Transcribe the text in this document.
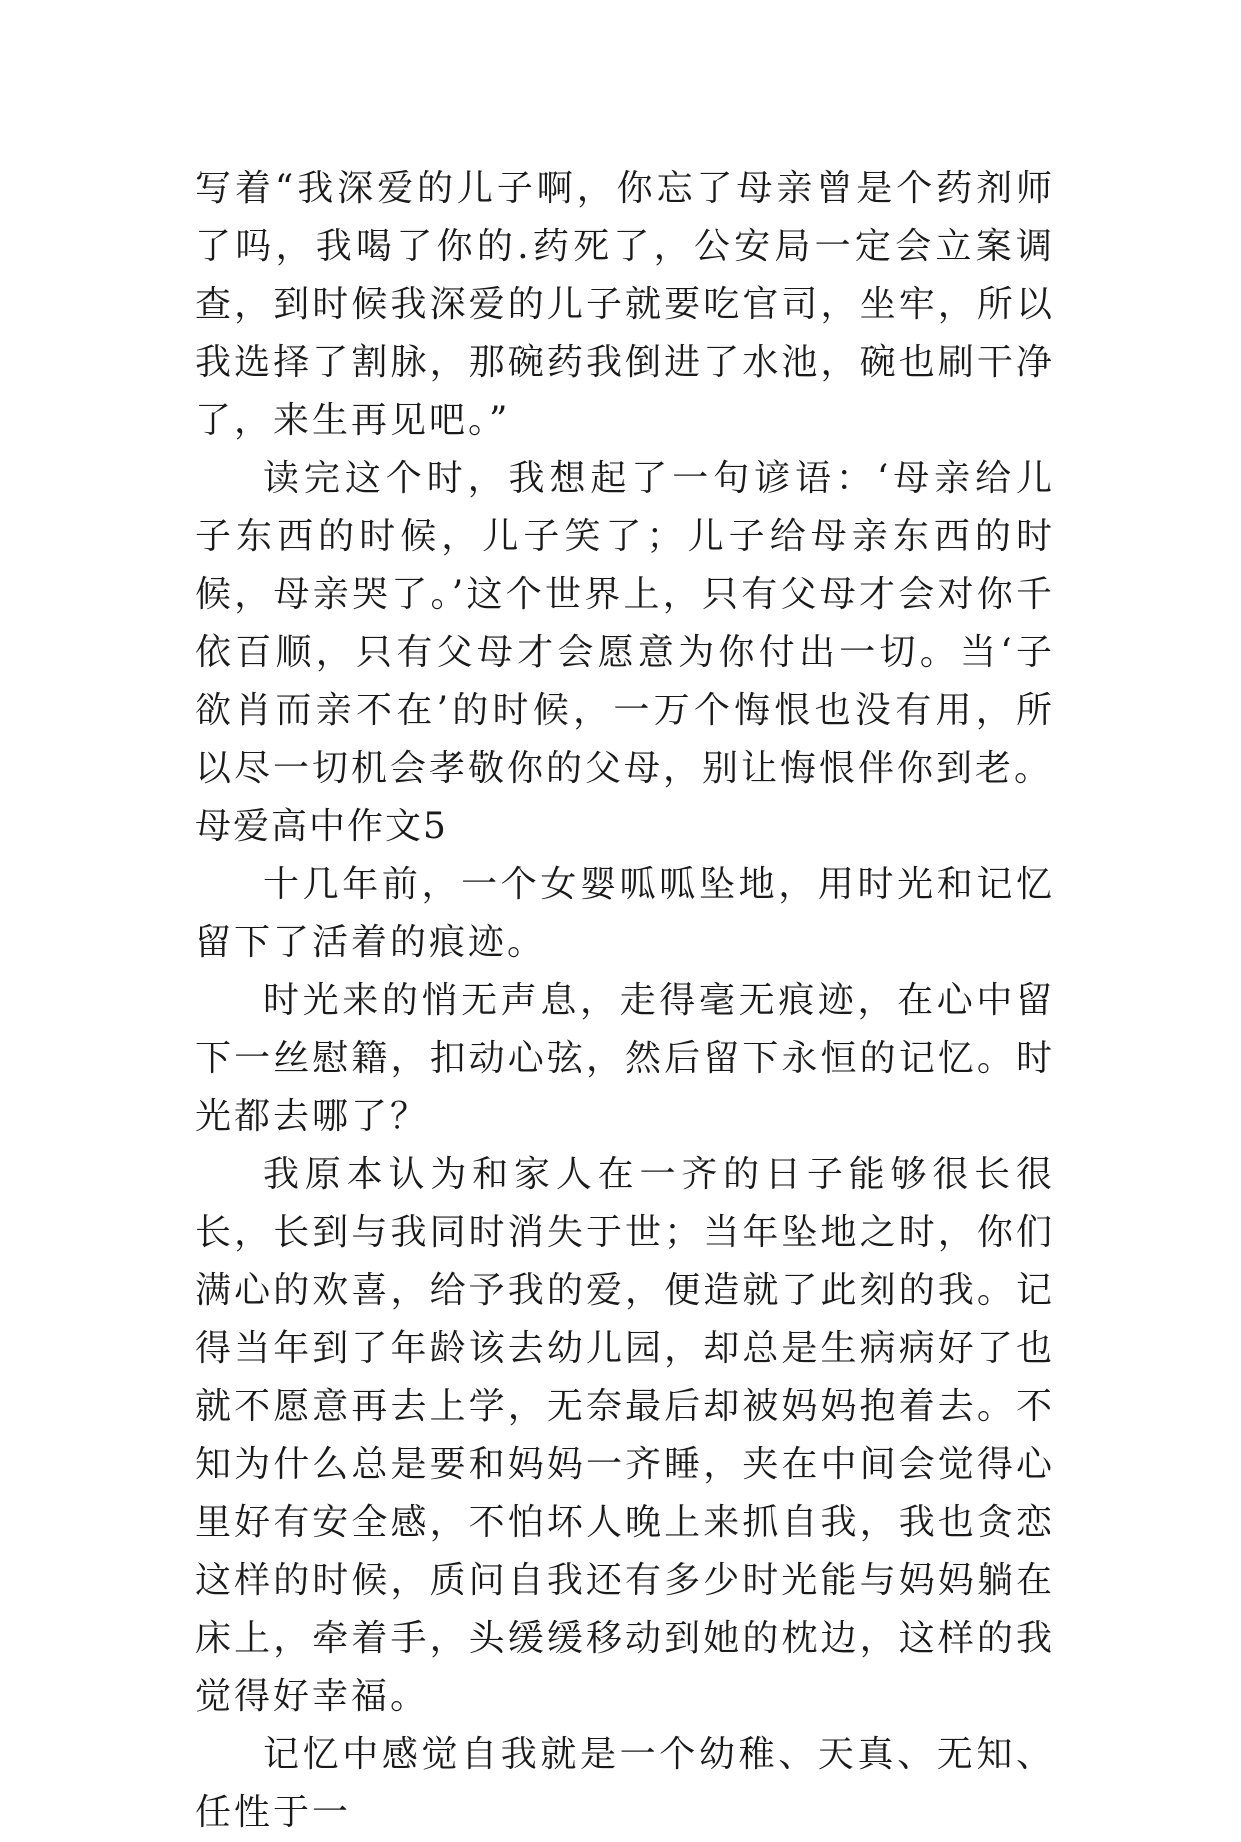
写着“我深爱的儿子啊，你忘了母亲曾是个药剂师了吗，我喝了你的.药死了，公安局一定会立案调查，到时候我深爱的儿子就要吃官司，坐牢，所以我选择了割脉，那碗药我倒进了水池，碗也刷干净了，来生再见吧。”

读完这个时，我想起了一句谚语：‘母亲给儿子东西的时候，儿子笑了；儿子给母亲东西的时候，母亲哭了。’这个世界上，只有父母才会对你千依百顺，只有父母才会愿意为你付出一切。当‘子欲肖而亲不在’的时候，一万个悔恨也没有用，所以尽一切机会孝敬你的父母，别让悔恨伴你到老。

母爱高中作文5

十几年前，一个女婴呱呱坠地，用时光和记忆留下了活着的痕迹。

时光来的悄无声息，走得毫无痕迹，在心中留下一丝慰籍，扣动心弦，然后留下永恒的记忆。时光都去哪了？

我原本认为和家人在一齐的日子能够很长很长，长到与我同时消失于世；当年坠地之时，你们满心的欢喜，给予我的爱，便造就了此刻的我。记得当年到了年龄该去幼儿园，却总是生病病好了也就不愿意再去上学，无奈最后却被妈妈抱着去。不知为什么总是要和妈妈一齐睡，夹在中间会觉得心里好有安全感，不怕坏人晚上来抓自我，我也贪恋这样的时候，质问自我还有多少时光能与妈妈躺在床上，牵着手，头缓缓移动到她的枕边，这样的我觉得好幸福。

记忆中感觉自我就是一个幼稚、天真、无知、任性于一
